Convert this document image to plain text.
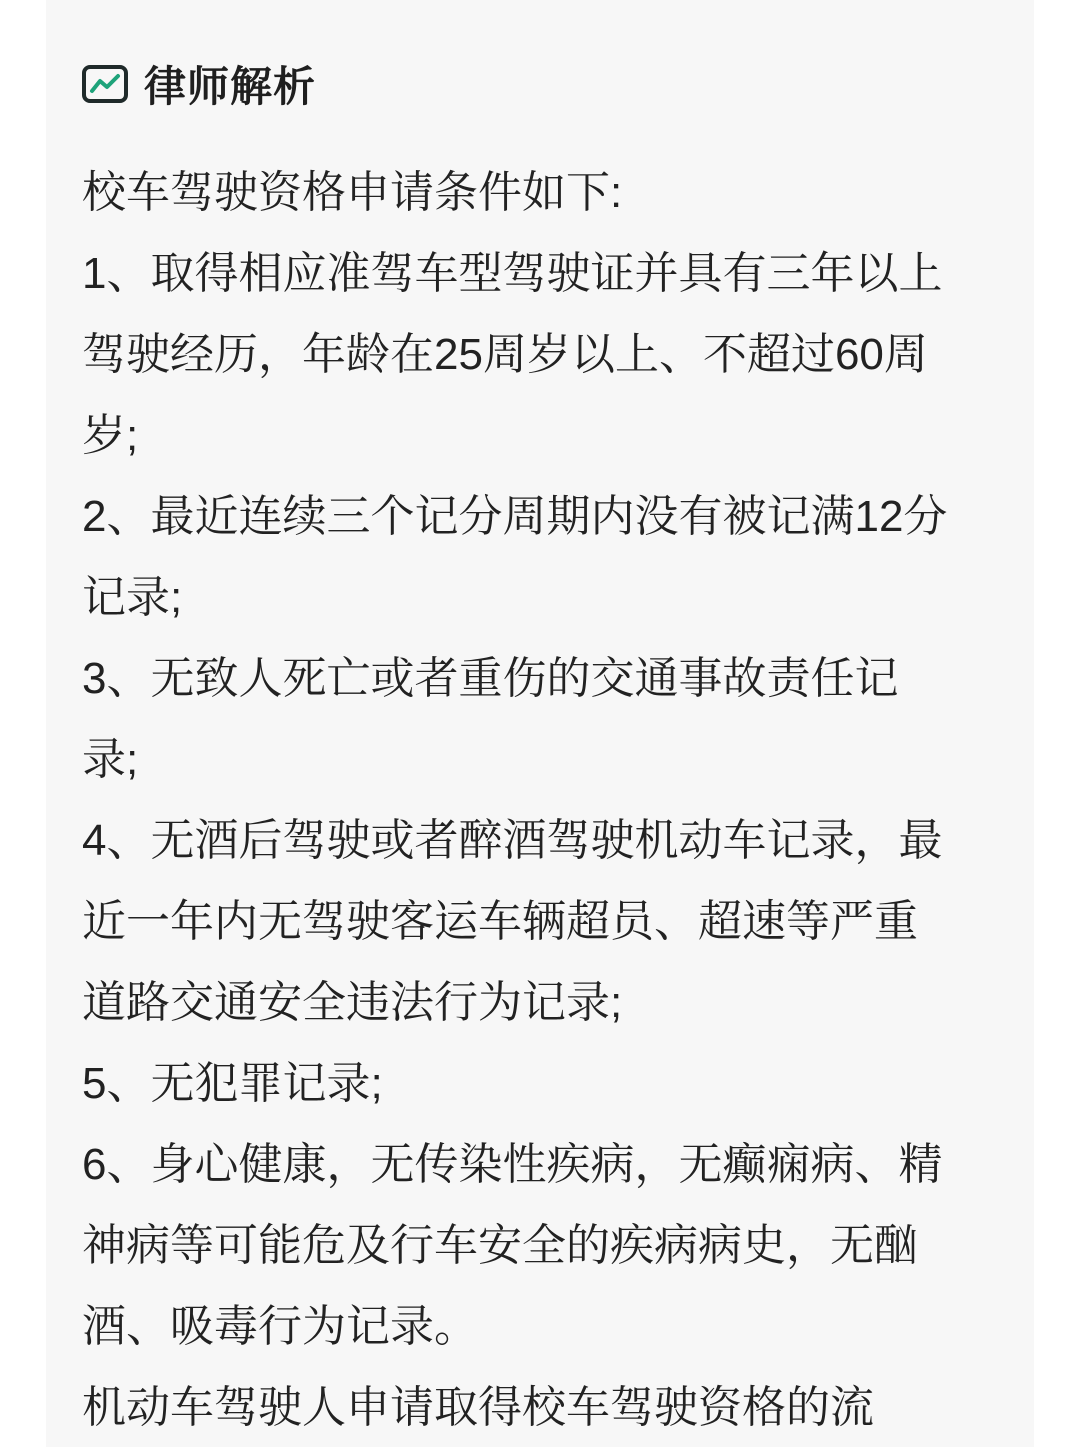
律师解析

校车驾驶资格申请条件如下:

1、取得相应准驾车型驾驶证并具有三年以上
驾驶经历，年龄在25周岁以上、不超过60周
岁;

2、最近连续三个记分周期内没有被记满12分
记录;

3、无致人死亡或者重伤的交通事故责任记
录;

4、无酒后驾驶或者醉酒驾驶机动车记录，最
近一年内无驾驶客运车辆超员、超速等严重
道路交通安全违法行为记录;

5、无犯罪记录;

6、身心健康，无传染性疾病，无癫痫病、精
神病等可能危及行车安全的疾病病史，无酗
酒、吸毒行为记录。

机动车驾驶人申请取得校车驾驶资格的流
